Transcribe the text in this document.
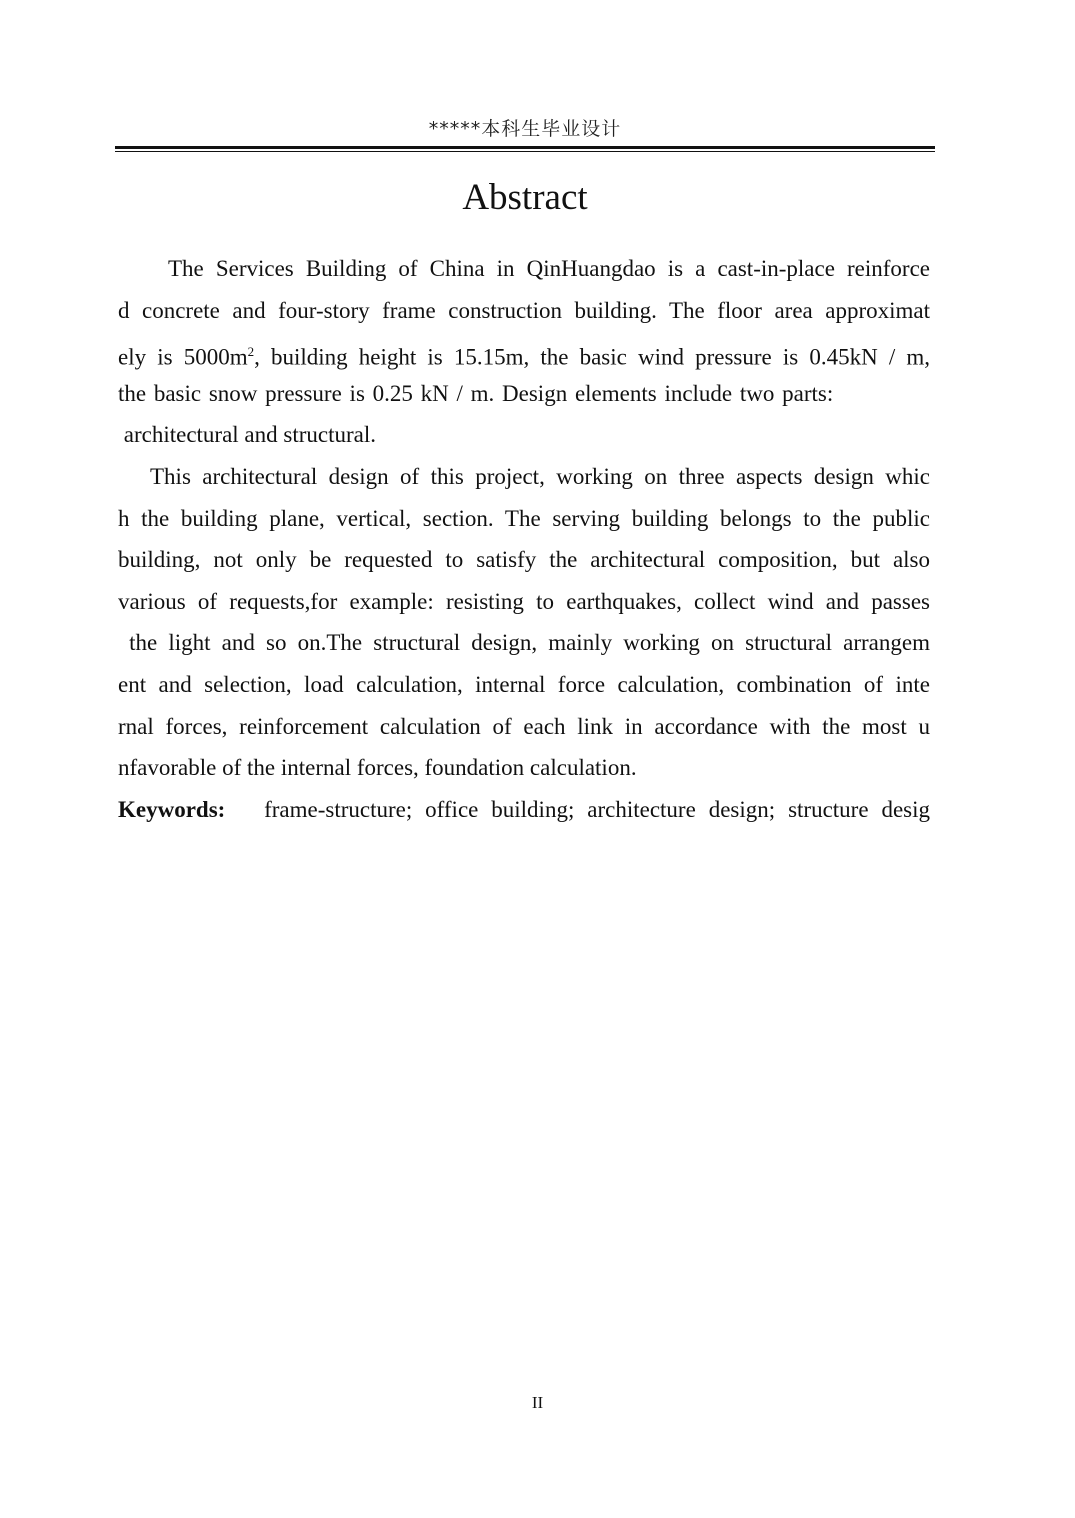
*****本科生毕业设计
Abstract
The Services Building of China in QinHuangdao is a cast-in-place reinforce
d concrete and four-story frame construction building. The floor area approximat
ely is $5000m^2$, building height is 15.15m, the basic wind pressure is 0.45kN / m,
the basic snow pressure is 0.25 kN / m. Design elements include two parts:
architectural and structural.
This architectural design of this project, working on three aspects design whic
h the building plane, vertical, section. The serving building belongs to the public
building, not only be requested to satisfy the architectural composition, but also
various of requests,for example: resisting to earthquakes, collect wind and passes
the light and so on.The structural design, mainly working on structural arrangem
ent and selection, load calculation, internal force calculation, combination of inte
rnal forces, reinforcement calculation of each link in accordance with the most u
nfavorable of the internal forces, foundation calculation.
Keywords: frame-structure; office building; architecture design; structure desig
II
